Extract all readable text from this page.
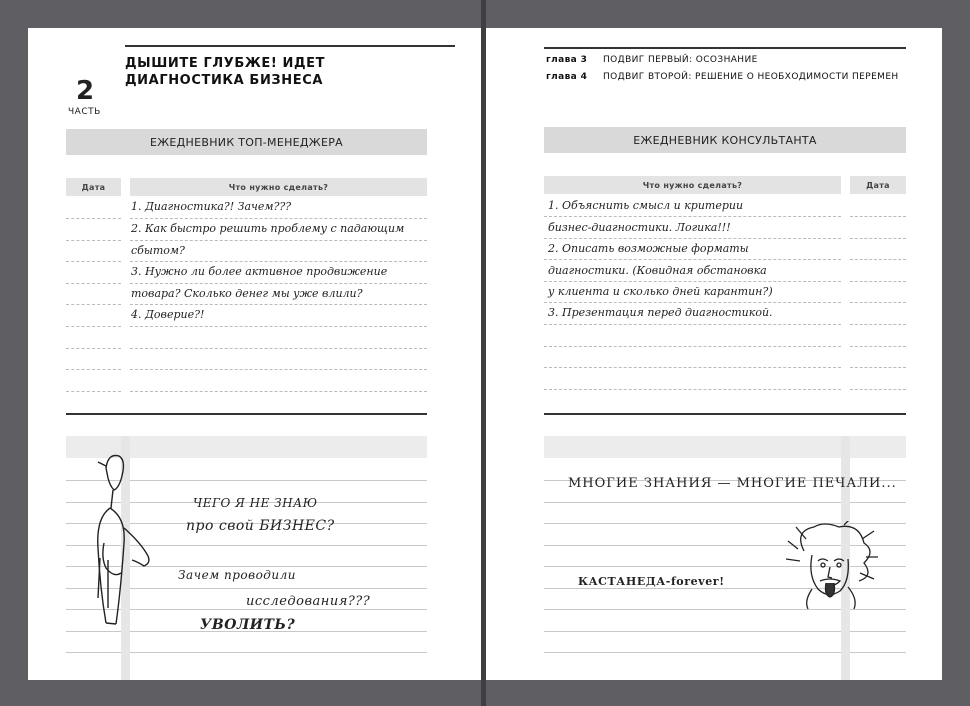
2
ЧАСТЬ
ДЫШИТЕ ГЛУБЖЕ! ИДЕТ
ДИАГНОСТИКА БИЗНЕСА
ЕЖЕДНЕВНИК ТОП-МЕНЕДЖЕРА
Дата	Что нужно сделать?
1. Диагностика?! Зачем???
2. Как быстро решить проблему с падающим
сбытом?
3. Нужно ли более активное продвижение
товара? Сколько денег мы уже влили?
4. Доверие?!
ЧЕГО Я НЕ ЗНАЮ
про свой БИЗНЕС?
Зачем проводили
исследования???
УВОЛИТЬ?
глава 3 ПОДВИГ ПЕРВЫЙ: ОСОЗНАНИЕ
глава 4 ПОДВИГ ВТОРОЙ: РЕШЕНИЕ О НЕОБХОДИМОСТИ ПЕРЕМЕН
ЕЖЕДНЕВНИК КОНСУЛЬТАНТА
Что нужно сделать?	Дата
1. Объяснить смысл и критерии
бизнес-диагностики. Логика!!!
2. Описать возможные форматы
диагностики. (Ковидная обстановка
у клиента и сколько дней карантин?)
3. Презентация перед диагностикой.
МНОГИЕ ЗНАНИЯ — МНОГИЕ ПЕЧАЛИ...
КАСТАНЕДА-forever!
